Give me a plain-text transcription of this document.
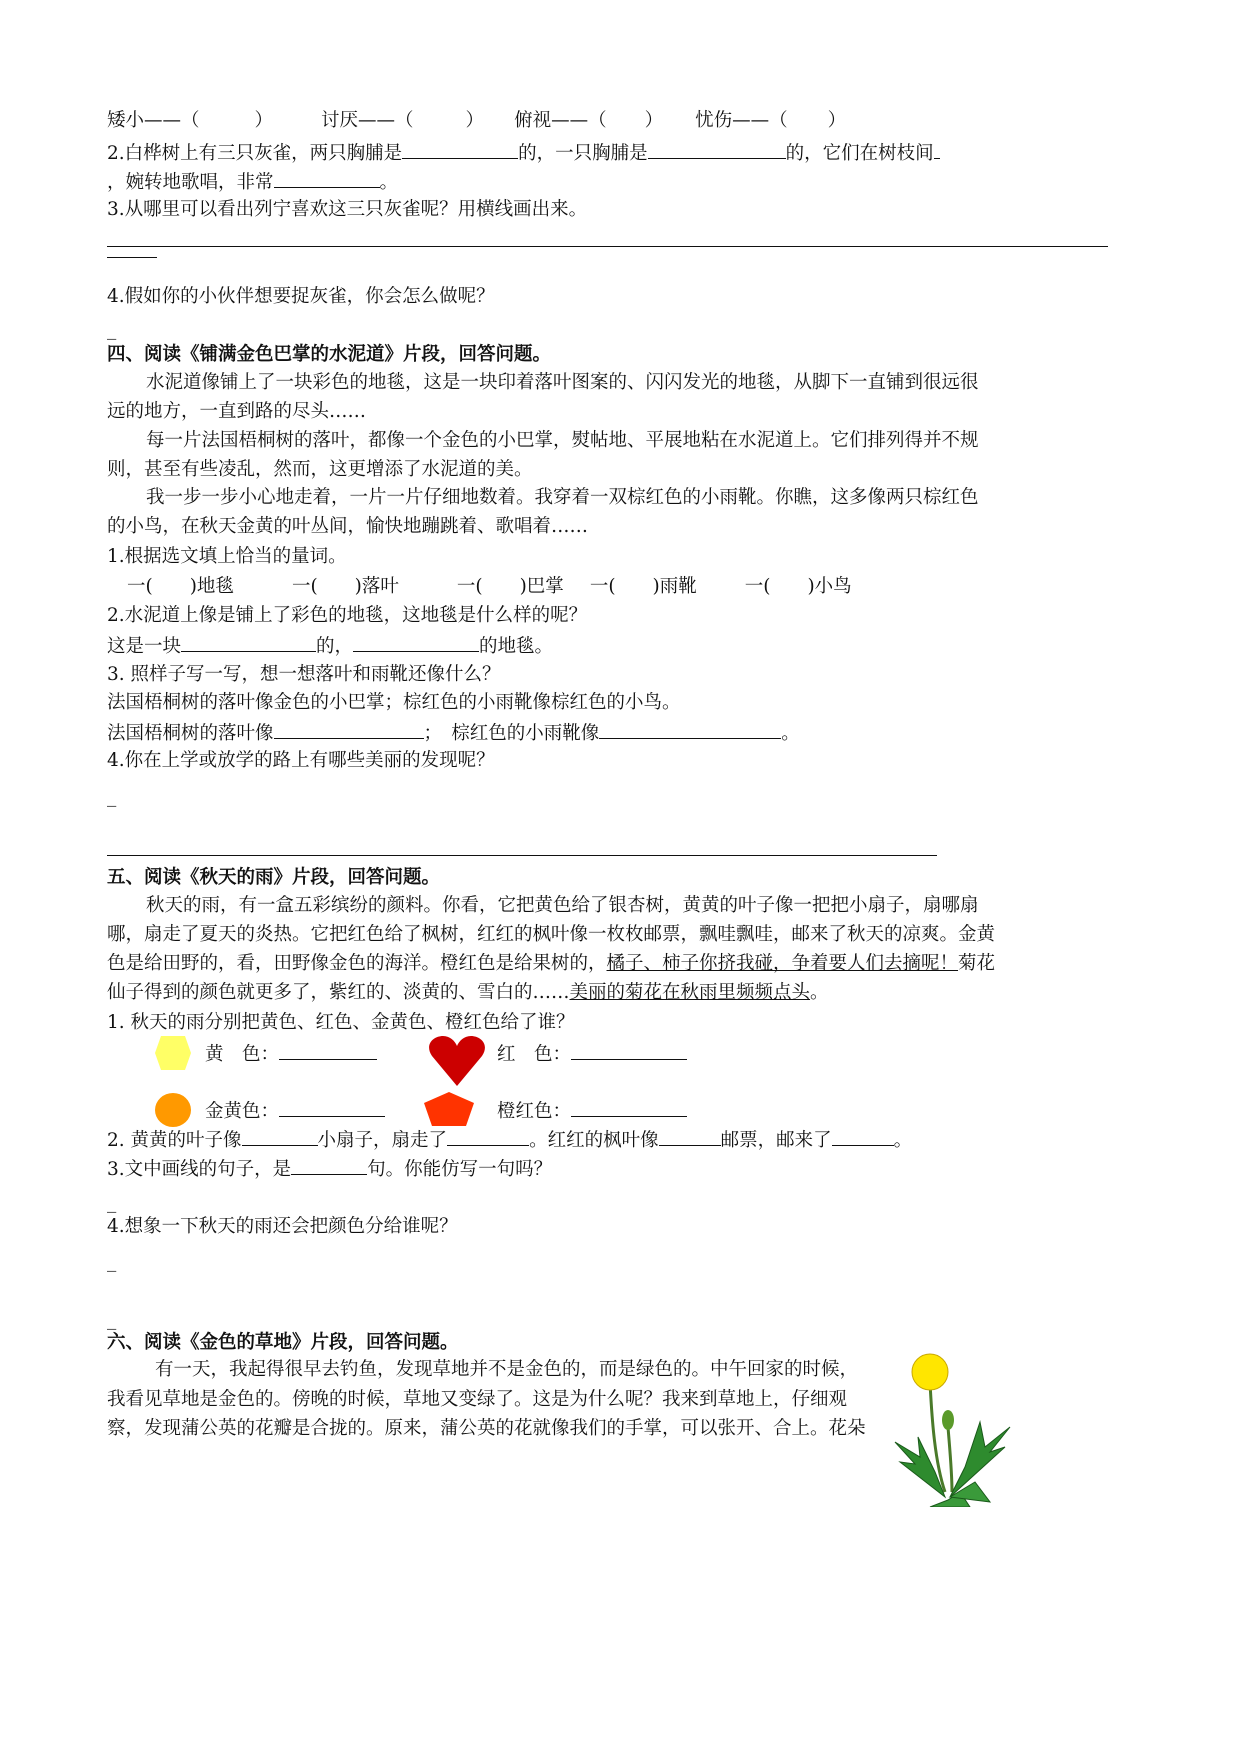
矮小——（	）	讨厌——（	） 俯视——（ ） 忧伤——（ ）
2.白桦树上有三只灰雀，两只胸脯是	的，一只胸脯是	的，它们在树枝间
，婉转地歌唱，非常	。
3.从哪里可以看出列宁喜欢这三只灰雀呢？用横线画出来。
4.假如你的小伙伴想要捉灰雀，你会怎么做呢？
_
四、阅读《铺满金色巴掌的水泥道》片段，回答问题。
水泥道像铺上了一块彩色的地毯，这是一块印着落叶图案的、闪闪发光的地毯，从脚下一直铺到很远很
远的地方，一直到路的尽头……
每一片法国梧桐树的落叶，都像一个金色的小巴掌，熨帖地、平展地粘在水泥道上。它们排列得并不规
则，甚至有些凌乱，然而，这更增添了水泥道的美。
我一步一步小心地走着，一片一片仔细地数着。我穿着一双棕红色的小雨靴。你瞧，这多像两只棕红色
的小鸟，在秋天金黄的叶丛间，愉快地蹦跳着、歌唱着……
1.根据选文填上恰当的量词。
一(　　)地毯	一(　　)落叶	一(　　)巴掌 一(　　)雨靴	一(　　)小鸟
2.水泥道上像是铺上了彩色的地毯，这地毯是什么样的呢？
这是一块	的，	的地毯。
3. 照样子写一写，想一想落叶和雨靴还像什么？
法国梧桐树的落叶像金色的小巴掌；棕红色的小雨靴像棕红色的小鸟。
法国梧桐树的落叶像	；　棕红色的小雨靴像	。
4.你在上学或放学的路上有哪些美丽的发现呢？
_
五、阅读《秋天的雨》片段，回答问题。
秋天的雨，有一盒五彩缤纷的颜料。你看，它把黄色给了银杏树，黄黄的叶子像一把把小扇子，扇哪扇
哪，扇走了夏天的炎热。它把红色给了枫树，红红的枫叶像一枚枚邮票，飘哇飘哇，邮来了秋天的凉爽。金黄
色是给田野的，看，田野像金色的海洋。橙红色是给果树的，橘子、柿子你挤我碰，争着要人们去摘呢！菊花
仙子得到的颜色就更多了，紫红的、淡黄的、雪白的……美丽的菊花在秋雨里频频点头。
1. 秋天的雨分别把黄色、红色、金黄色、橙红色给了谁？
黄　色：	红　色：
金黄色：	橙红色：
2. 黄黄的叶子像	小扇子，扇走了	。红红的枫叶像	邮票，邮来了	。
3.文中画线的句子，是	句。你能仿写一句吗？
_
4.想象一下秋天的雨还会把颜色分给谁呢？
_
_
六、阅读《金色的草地》片段，回答问题。
有一天，我起得很早去钓鱼，发现草地并不是金色的，而是绿色的。中午回家的时候，
我看见草地是金色的。傍晚的时候，草地又变绿了。这是为什么呢？我来到草地上，仔细观
察，发现蒲公英的花瓣是合拢的。原来，蒲公英的花就像我们的手掌，可以张开、合上。花朵
